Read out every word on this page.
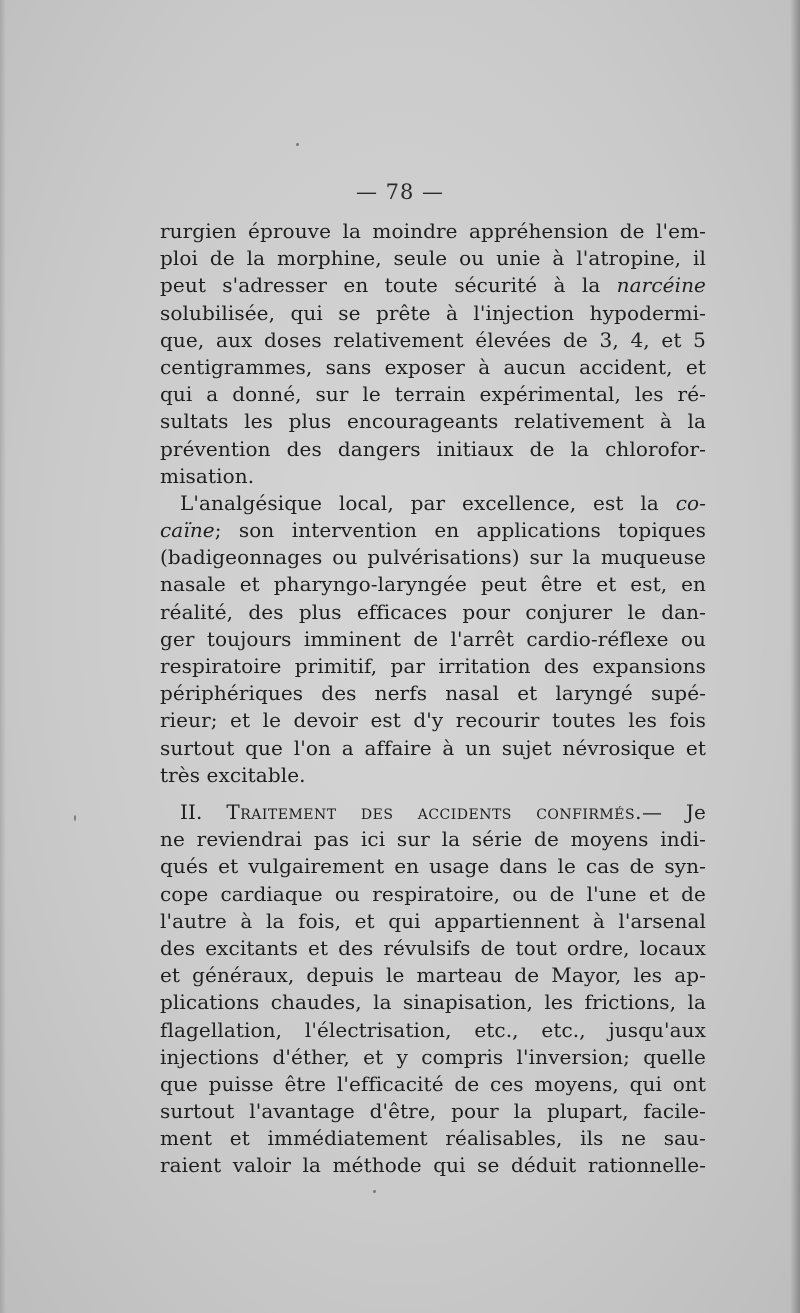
— 78 —
rurgien éprouve la moindre appréhension de l'em-
ploi de la morphine, seule ou unie à l'atropine, il
peut s'adresser en toute sécurité à la narcéine
solubilisée, qui se prête à l'injection hypodermi-
que, aux doses relativement élevées de 3, 4, et 5
centigrammes, sans exposer à aucun accident, et
qui a donné, sur le terrain expérimental, les ré-
sultats les plus encourageants relativement à la
prévention des dangers initiaux de la chlorofor-
misation.
L'analgésique local, par excellence, est la co-
caïne; son intervention en applications topiques
(badigeonnages ou pulvérisations) sur la muqueuse
nasale et pharyngo-laryngée peut être et est, en
réalité, des plus efficaces pour conjurer le dan-
ger toujours imminent de l'arrêt cardio-réflexe ou
respiratoire primitif, par irritation des expansions
périphériques des nerfs nasal et laryngé supé-
rieur; et le devoir est d'y recourir toutes les fois
surtout que l'on a affaire à un sujet névrosique et
très excitable.
II. Traitement des accidents confirmés.— Je
ne reviendrai pas ici sur la série de moyens indi-
qués et vulgairement en usage dans le cas de syn-
cope cardiaque ou respiratoire, ou de l'une et de
l'autre à la fois, et qui appartiennent à l'arsenal
des excitants et des révulsifs de tout ordre, locaux
et généraux, depuis le marteau de Mayor, les ap-
plications chaudes, la sinapisation, les frictions, la
flagellation, l'électrisation, etc., etc., jusqu'aux
injections d'éther, et y compris l'inversion; quelle
que puisse être l'efficacité de ces moyens, qui ont
surtout l'avantage d'être, pour la plupart, facile-
ment et immédiatement réalisables, ils ne sau-
raient valoir la méthode qui se déduit rationnelle-
